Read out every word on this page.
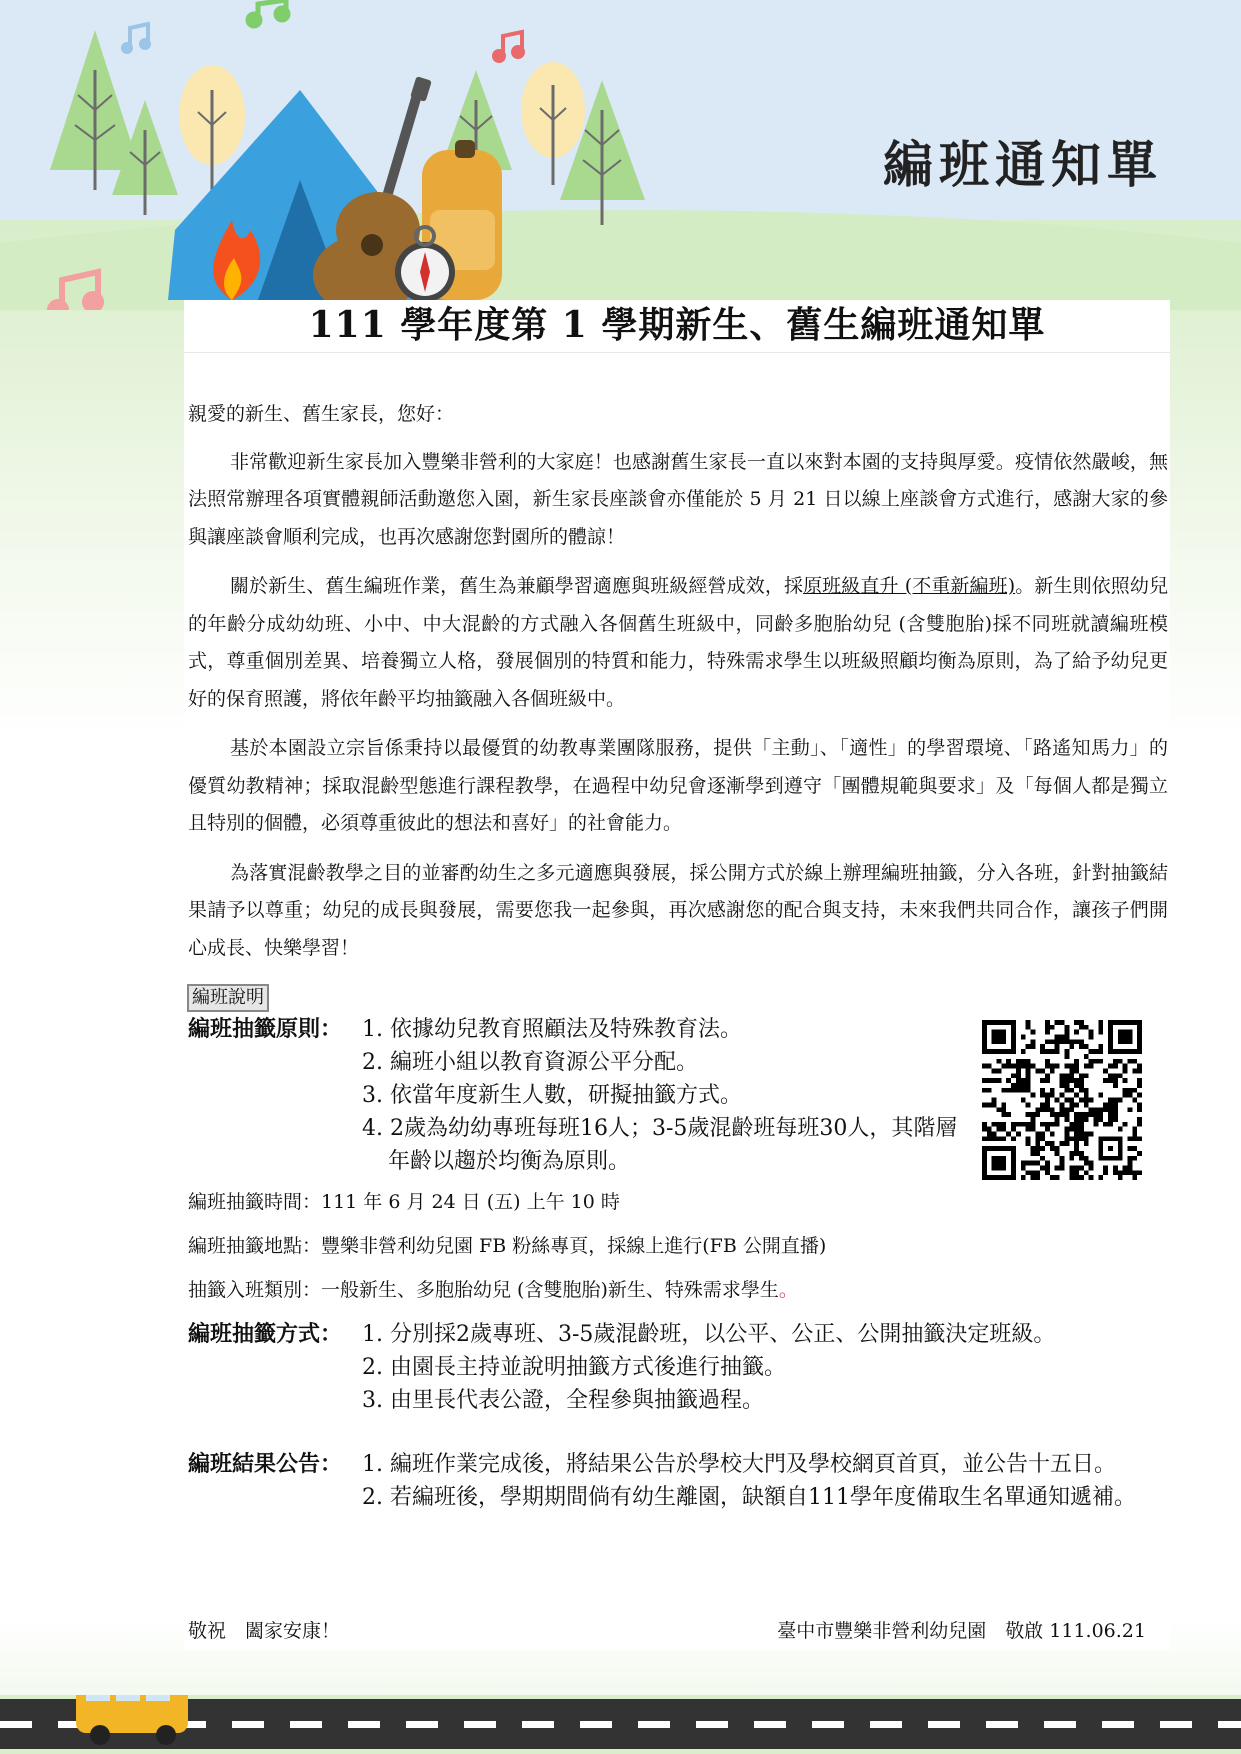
編班通知單
111 學年度第 1 學期新生、舊生編班通知單

親愛的新生、舊生家長，您好：

非常歡迎新生家長加入豐樂非營利的大家庭！也感謝舊生家長一直以來對本園的支持與厚愛。疫情依然嚴峻，無法照常辦理各項實體親師活動邀您入園，新生家長座談會亦僅能於 5 月 21 日以線上座談會方式進行，感謝大家的參與讓座談會順利完成，也再次感謝您對園所的體諒！

關於新生、舊生編班作業，舊生為兼顧學習適應與班級經營成效，採原班級直升 (不重新編班)。新生則依照幼兒的年齡分成幼幼班、小中、中大混齡的方式融入各個舊生班級中，同齡多胞胎幼兒 (含雙胞胎)採不同班就讀編班模式，尊重個別差異、培養獨立人格，發展個別的特質和能力，特殊需求學生以班級照顧均衡為原則，為了給予幼兒更好的保育照護，將依年齡平均抽籤融入各個班級中。

基於本園設立宗旨係秉持以最優質的幼教專業團隊服務，提供「主動」、「適性」的學習環境、「路遙知馬力」的優質幼教精神；採取混齡型態進行課程教學，在過程中幼兒會逐漸學到遵守「團體規範與要求」及「每個人都是獨立且特別的個體，必須尊重彼此的想法和喜好」的社會能力。

為落實混齡教學之目的並審酌幼生之多元適應與發展，採公開方式於線上辦理編班抽籤，分入各班，針對抽籤結果請予以尊重；幼兒的成長與發展，需要您我一起參與，再次感謝您的配合與支持，未來我們共同合作，讓孩子們開心成長、快樂學習！

編班說明
編班抽籤原則： 1. 依據幼兒教育照顧法及特殊教育法。
2. 編班小組以教育資源公平分配。
3. 依當年度新生人數，研擬抽籤方式。
4. 2歲為幼幼專班每班16人；3-5歲混齡班每班30人，其階層年齡以趨於均衡為原則。
編班抽籤時間：111 年 6 月 24 日 (五) 上午 10 時
編班抽籤地點：豐樂非營利幼兒園 FB 粉絲專頁，採線上進行(FB 公開直播)
抽籤入班類別：一般新生、多胞胎幼兒 (含雙胞胎)新生、特殊需求學生。
編班抽籤方式： 1. 分別採2歲專班、3-5歲混齡班，以公平、公正、公開抽籤決定班級。
2. 由園長主持並說明抽籤方式後進行抽籤。
3. 由里長代表公證，全程參與抽籤過程。
編班結果公告： 1. 編班作業完成後，將結果公告於學校大門及學校網頁首頁，並公告十五日。
2. 若編班後，學期期間倘有幼生離園，缺額自111學年度備取生名單通知遞補。
敬祝　闔家安康！	臺中市豐樂非營利幼兒園　敬啟 111.06.21
